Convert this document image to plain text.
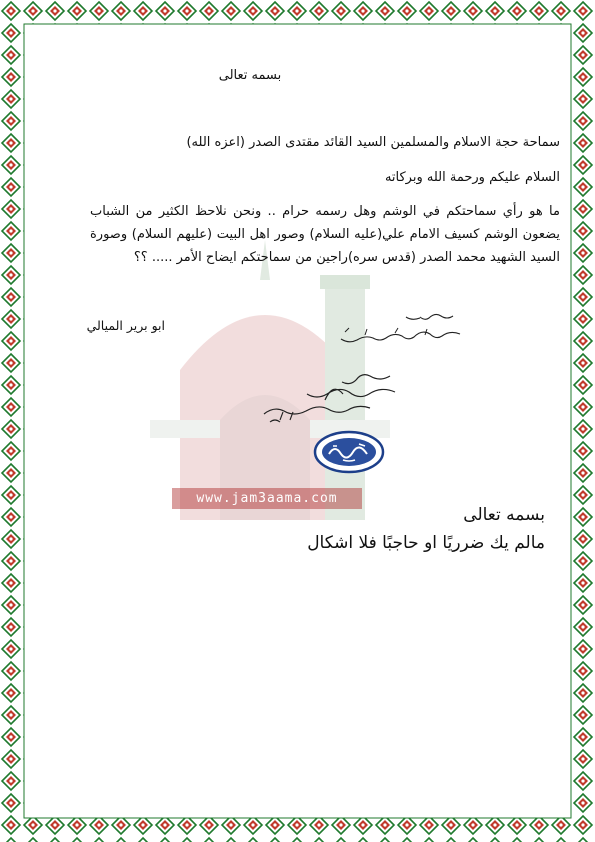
www.jam3aama.com
بسمه تعالى
سماحة حجة الاسلام والمسلمين السيد القائد مقتدى الصدر (اعزه الله)
السلام عليكم ورحمة الله وبركاته
ما هو رأي سماحتكم في الوشم وهل رسمه حرام .. ونحن نلاحظ الكثير من الشباب يضعون الوشم كسيف الامام علي(عليه السلام) وصور اهل البيت (عليهم السلام) وصورة السيد الشهيد محمد الصدر (قدس سره)راجين من سماحتكم ايضاح الأمر ..... ؟؟
ابو برير الميالي
بسمه تعالى
مالم يك ضرريًا او حاجبًا فلا اشكال
